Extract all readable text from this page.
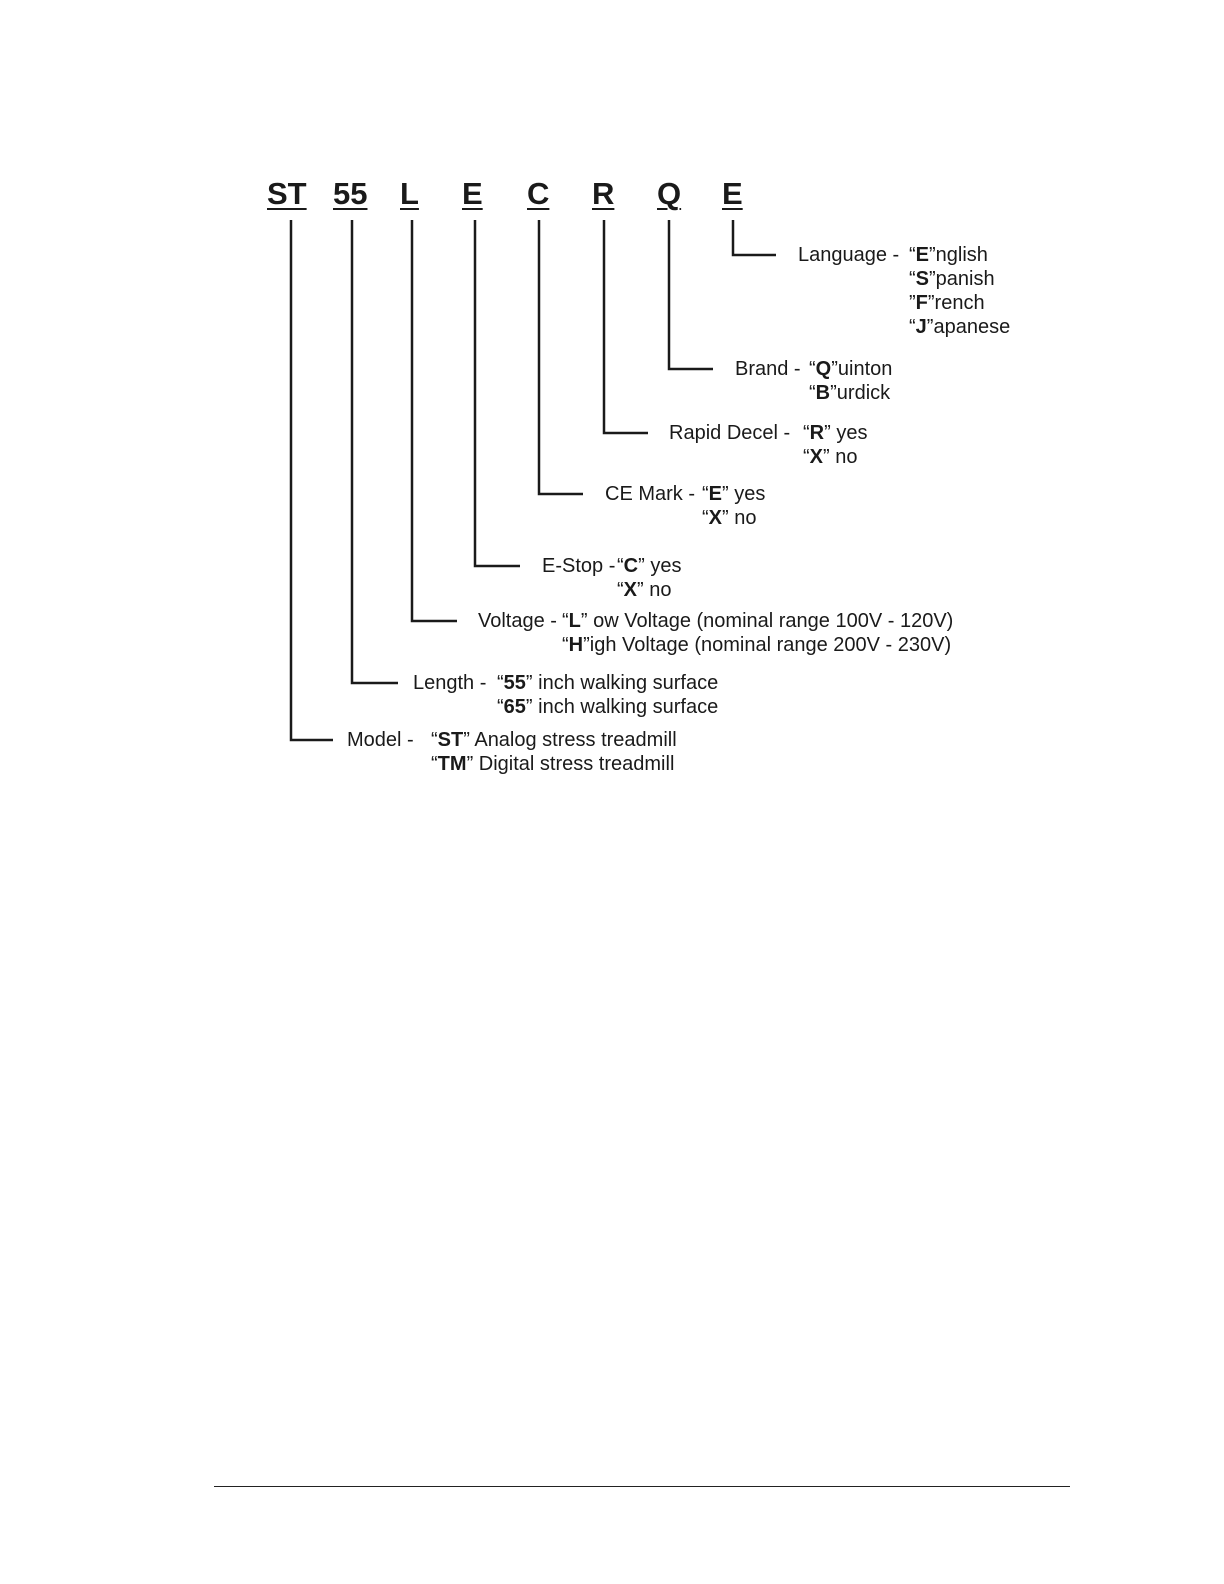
ST 55 L E C R Q E
Language - “E”nglish
“S”panish
”F”rench
“J”apanese
Brand - “Q”uinton
“B”urdick
Rapid Decel - “R” yes
“X” no
CE Mark - “E” yes
“X” no
E-Stop - “C” yes
“X” no
Voltage - “L” ow Voltage (nominal range 100V - 120V)
“H”igh Voltage (nominal range 200V - 230V)
Length - “55” inch walking surface
“65” inch walking surface
Model - “ST” Analog stress treadmill
“TM” Digital stress treadmill
